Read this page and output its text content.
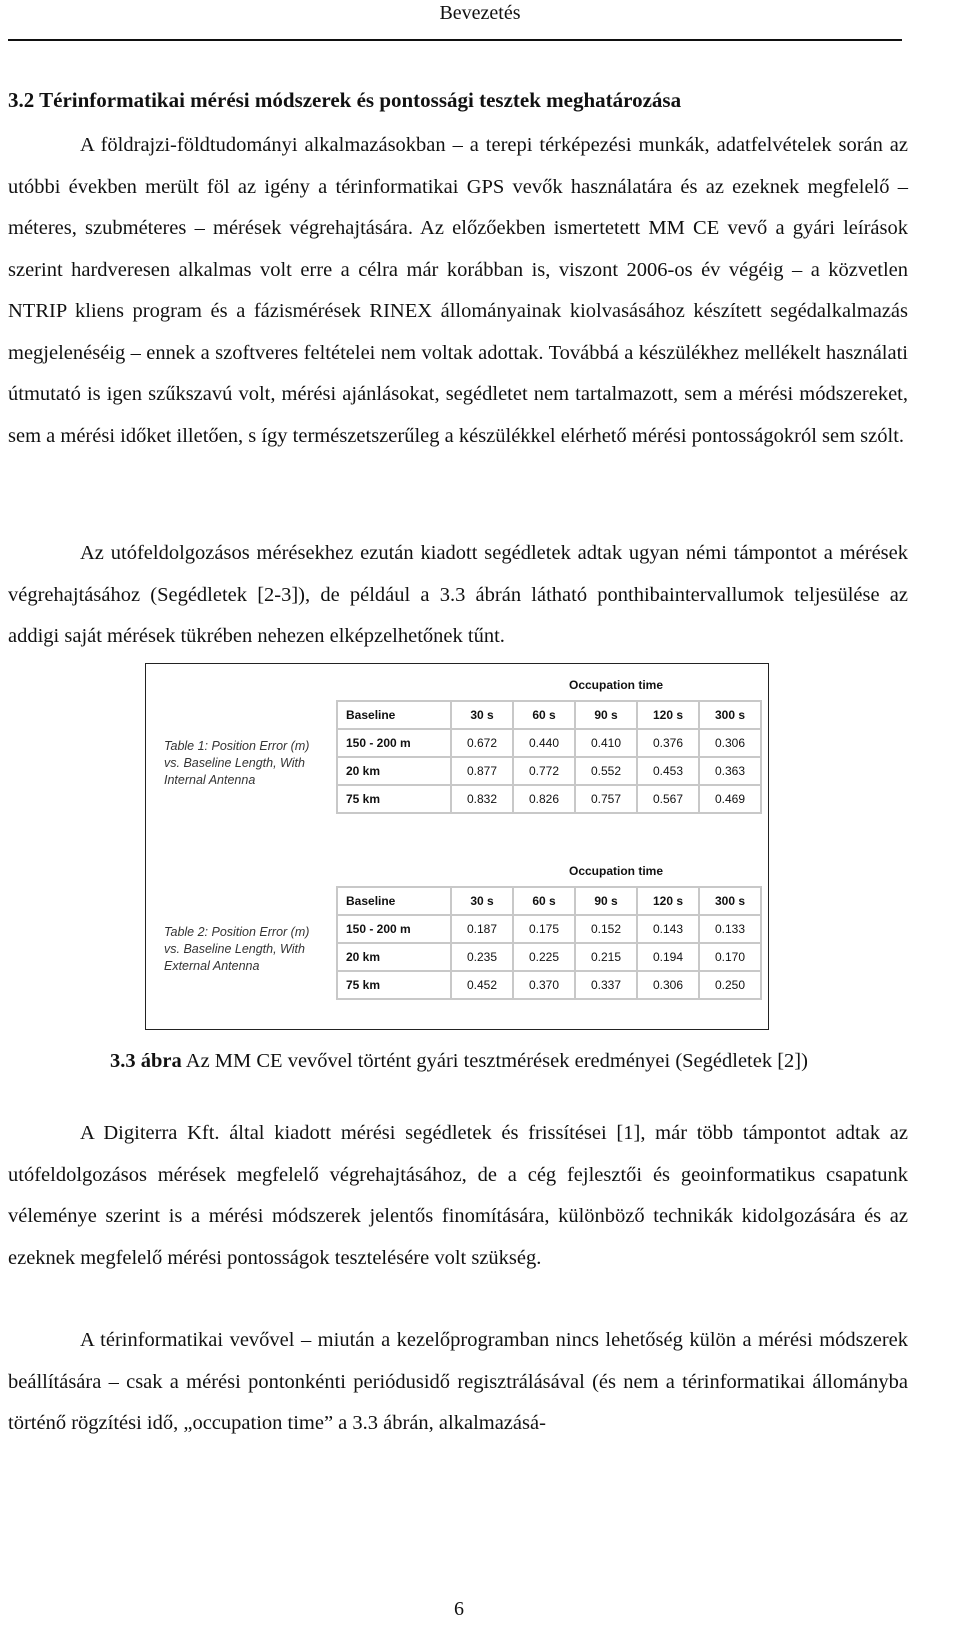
Bevezetés
3.2 Térinformatikai mérési módszerek és pontossági tesztek meghatározása
A földrajzi-földtudományi alkalmazásokban – a terepi térképezési munkák, adatfelvételek során az utóbbi években merült föl az igény a térinformatikai GPS vevők használatára és az ezeknek megfelelő – méteres, szubméteres – mérések végrehajtására. Az előzőekben ismertetett MM CE vevő a gyári leírások szerint hardveresen alkalmas volt erre a célra már korábban is, viszont 2006-os év végéig – a közvetlen NTRIP kliens program és a fázismérések RINEX állományainak kiolvasásához készített segédalkalmazás megjelenéséig – ennek a szoftveres feltételei nem voltak adottak. Továbbá a készülékhez mellékelt használati útmutató is igen szűkszavú volt, mérési ajánlásokat, segédletet nem tartalmazott, sem a mérési módszereket, sem a mérési időket illetően, s így természetszerűleg a készülékkel elérhető mérési pontosságokról sem szólt.
Az utófeldolgozásos mérésekhez ezután kiadott segédletek adtak ugyan némi támpontot a mérések végrehajtásához (Segédletek [2-3]), de például a 3.3 ábrán látható ponthibaintervallumok teljesülése az addigi saját mérések tükrében nehezen elképzelhetőnek tűnt.
Table 1: Position Error (m) vs. Baseline Length, With Internal Antenna
Occupation time
Baseline	30 s	60 s	90 s	120 s	300 s
150 - 200 m	0.672	0.440	0.410	0.376	0.306
20 km	0.877	0.772	0.552	0.453	0.363
75 km	0.832	0.826	0.757	0.567	0.469
Table 2: Position Error (m) vs. Baseline Length, With External Antenna
Occupation time
Baseline	30 s	60 s	90 s	120 s	300 s
150 - 200 m	0.187	0.175	0.152	0.143	0.133
20 km	0.235	0.225	0.215	0.194	0.170
75 km	0.452	0.370	0.337	0.306	0.250
3.3 ábra Az MM CE vevővel történt gyári tesztmérések eredményei (Segédletek [2])
A Digiterra Kft. által kiadott mérési segédletek és frissítései [1], már több támpontot adtak az utófeldolgozásos mérések megfelelő végrehajtásához, de a cég fejlesztői és geoinformatikus csapatunk véleménye szerint is a mérési módszerek jelentős finomítására, különböző technikák kidolgozására és az ezeknek megfelelő mérési pontosságok tesztelésére volt szükség.
A térinformatikai vevővel – miután a kezelőprogramban nincs lehetőség külön a mérési módszerek beállítására – csak a mérési pontonkénti periódusidő regisztrálásával (és nem a térinformatikai állományba történő rögzítési idő, „occupation time” a 3.3 ábrán, alkalmazásá-
6
